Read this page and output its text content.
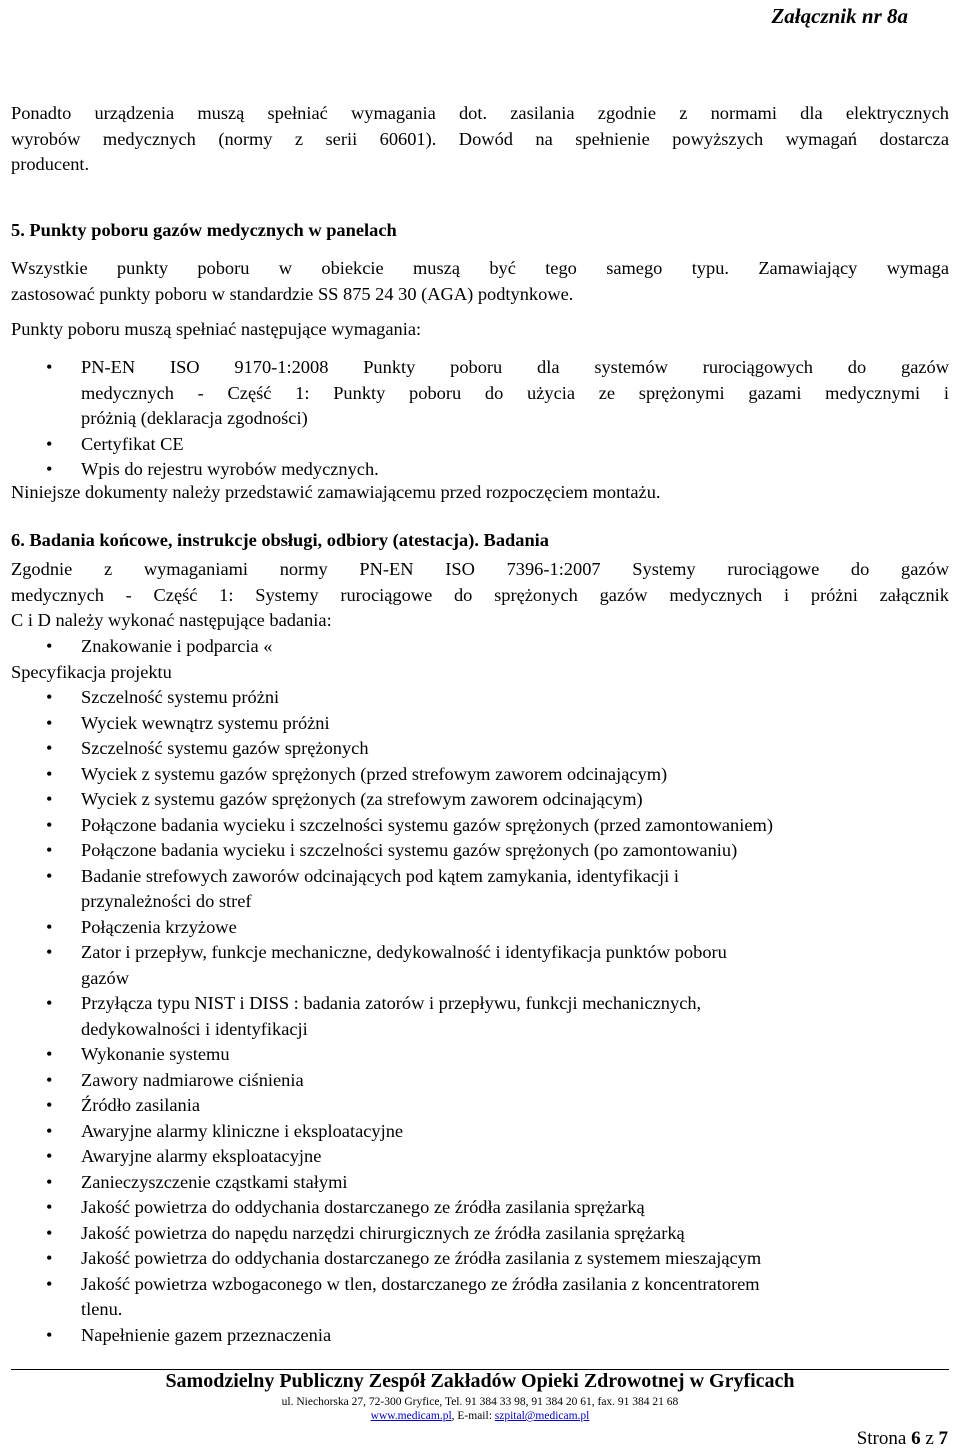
Załącznik nr 8a
Ponadto urządzenia muszą spełniać wymagania dot. zasilania zgodnie z normami dla elektrycznych
wyrobów medycznych (normy z serii 60601). Dowód na spełnienie powyższych wymagań dostarcza
producent.
5. Punkty poboru gazów medycznych w panelach
Wszystkie punkty poboru w obiekcie muszą być tego samego typu. Zamawiający wymaga
zastosować punkty poboru w standardzie SS 875 24 30 (AGA) podtynkowe.
Punkty poboru muszą spełniać następujące wymagania:
• PN-EN ISO 9170-1:2008 Punkty poboru dla systemów rurociągowych do gazów
medycznych - Część 1: Punkty poboru do użycia ze sprężonymi gazami medycznymi i
próżnią (deklaracja zgodności)
• Certyfikat CE
• Wpis do rejestru wyrobów medycznych.
Niniejsze dokumenty należy przedstawić zamawiającemu przed rozpoczęciem montażu.
6. Badania końcowe, instrukcje obsługi, odbiory (atestacja). Badania
Zgodnie z wymaganiami normy PN-EN ISO 7396-1:2007 Systemy rurociągowe do gazów
medycznych - Część 1: Systemy rurociągowe do sprężonych gazów medycznych i próżni załącznik
C i D należy wykonać następujące badania:
• Znakowanie i podparcia «
Specyfikacja projektu
• Szczelność systemu próżni
• Wyciek wewnątrz systemu próżni
• Szczelność systemu gazów sprężonych
• Wyciek z systemu gazów sprężonych (przed strefowym zaworem odcinającym)
• Wyciek z systemu gazów sprężonych (za strefowym zaworem odcinającym)
• Połączone badania wycieku i szczelności systemu gazów sprężonych (przed zamontowaniem)
• Połączone badania wycieku i szczelności systemu gazów sprężonych (po zamontowaniu)
• Badanie strefowych zaworów odcinających pod kątem zamykania, identyfikacji i
przynależności do stref
• Połączenia krzyżowe
• Zator i przepływ, funkcje mechaniczne, dedykowalność i identyfikacja punktów poboru
gazów
• Przyłącza typu NIST i DISS : badania zatorów i przepływu, funkcji mechanicznych,
dedykowalności i identyfikacji
• Wykonanie systemu
• Zawory nadmiarowe ciśnienia
• Źródło zasilania
• Awaryjne alarmy kliniczne i eksploatacyjne
• Awaryjne alarmy eksploatacyjne
• Zanieczyszczenie cząstkami stałymi
• Jakość powietrza do oddychania dostarczanego ze źródła zasilania sprężarką
• Jakość powietrza do napędu narzędzi chirurgicznych ze źródła zasilania sprężarką
• Jakość powietrza do oddychania dostarczanego ze źródła zasilania z systemem mieszającym
• Jakość powietrza wzbogaconego w tlen, dostarczanego ze źródła zasilania z koncentratorem
tlenu.
• Napełnienie gazem przeznaczenia
Samodzielny Publiczny Zespół Zakładów Opieki Zdrowotnej w Gryficach
ul. Niechorska 27, 72-300 Gryfice, Tel. 91 384 33 98, 91 384 20 61, fax. 91 384 21 68
www.medicam.pl, E-mail: szpital@medicam.pl
Strona 6 z 7
